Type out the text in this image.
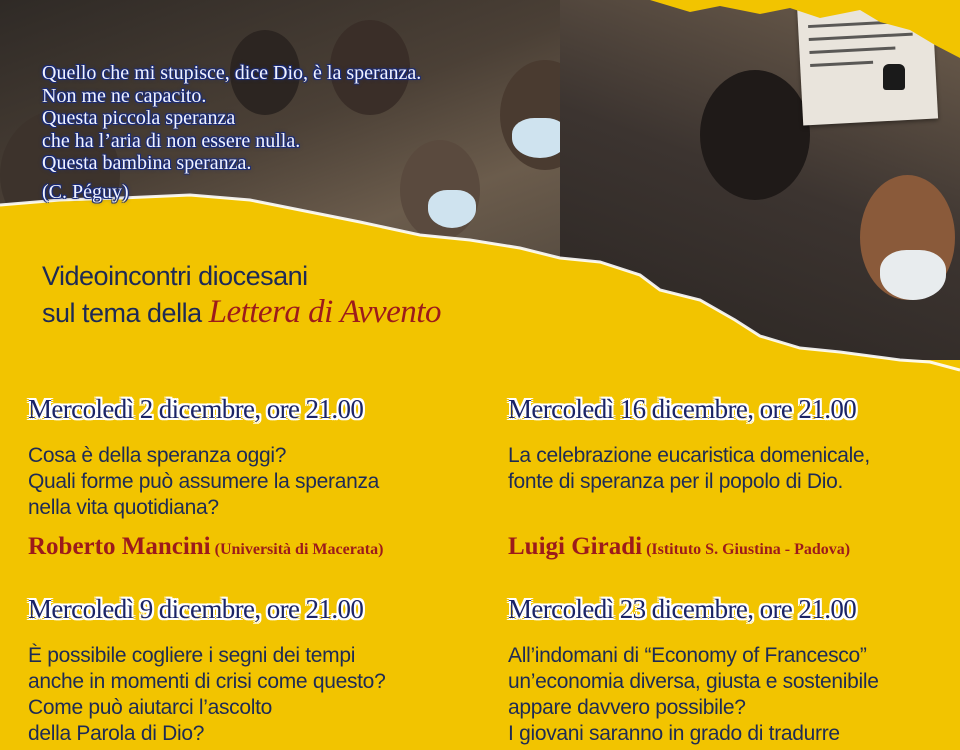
Quello che mi stupisce, dice Dio, è la speranza.
Non me ne capacito.
Questa piccola speranza
che ha l’aria di non essere nulla.
Questa bambina speranza.
(C. Péguy)
Videoincontri diocesani
sul tema della Lettera di Avvento
Mercoledì 2 dicembre, ore 21.00
Cosa è della speranza oggi?
Quali forme può assumere la speranza
nella vita quotidiana?
Roberto Mancini (Università di Macerata)
Mercoledì 16 dicembre, ore 21.00
La celebrazione eucaristica domenicale,
fonte di speranza per il popolo di Dio.
Luigi Giradi (Istituto S. Giustina - Padova)
Mercoledì 9 dicembre, ore 21.00
È possibile cogliere i segni dei tempi
anche in momenti di crisi come questo?
Come può aiutarci l’ascolto
della Parola di Dio?
Mercoledì 23 dicembre, ore 21.00
All’indomani di “Economy of Francesco”
un’economia diversa, giusta e sostenibile
appare davvero possibile?
I giovani saranno in grado di tradurre
